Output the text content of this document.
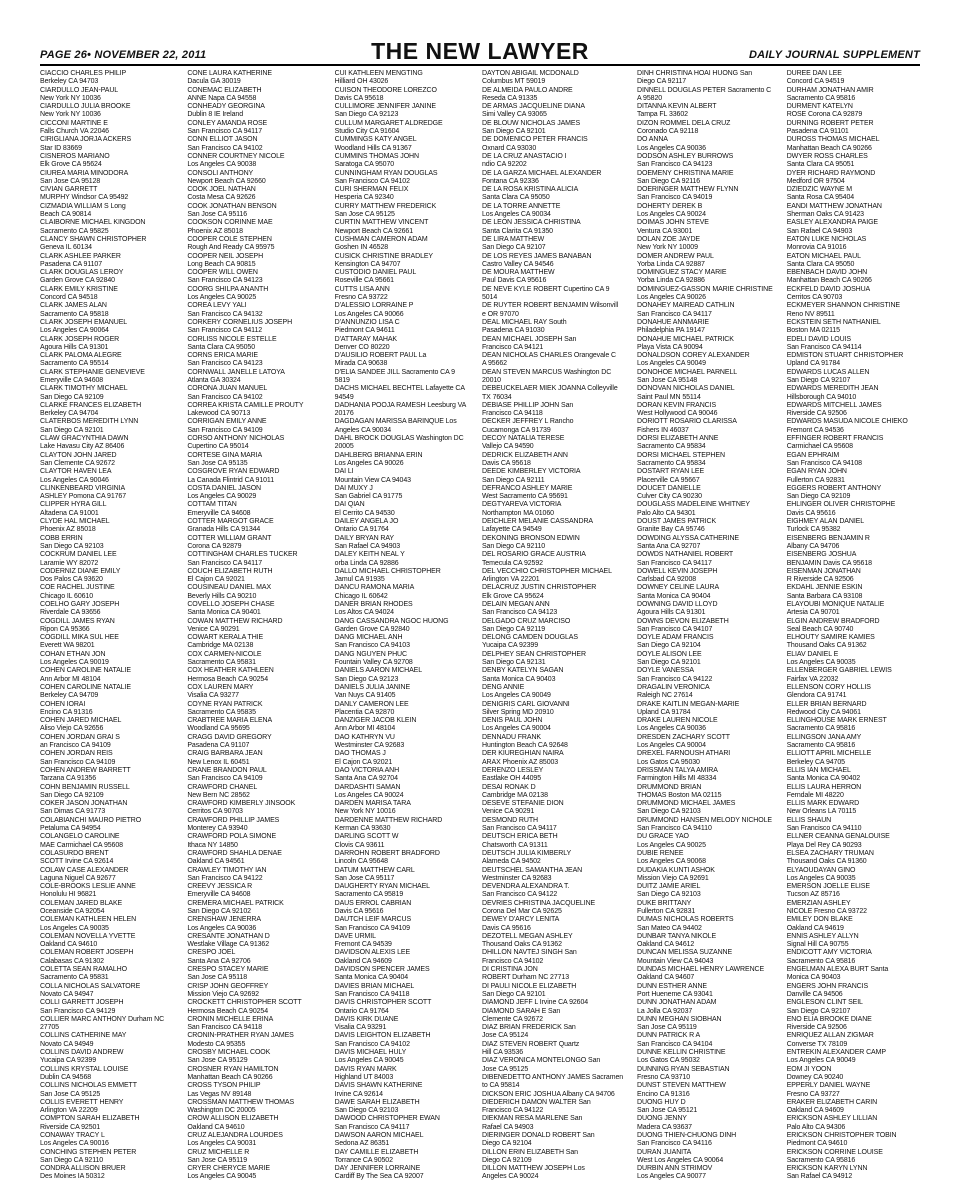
PAGE 26• NOVEMBER 22, 2011	THE NEW LAWYER	DAILY JOURNAL SUPPLEMENT
CIACCIO CHARLES PHILIP
Berkeley CA 94703
CIARDULLO JEAN-PAUL
New York NY 10036
CIARDULLO JULIA BROOKE
New York NY 10036
CICCONI MARTINE E
Falls Church VA 22046
CIRIGLIANA JORJA ACKERS
Star ID 83669
CISNEROS MARIANO
Elk Grove CA 95624
CIUREA MARIA MINODORA
San Jose CA 95128
CIVIAN GARRETT
MURPHY Windsor CA 95492
CIZMADIA WILLIAM S Long
Beach CA 90814
CLAIBORNE MICHAEL KINGDON
Sacramento CA 95825
CLANCY SHAWN CHRISTOPHER
Geneva IL 60134
CLARK ASHLEE PARKER
Pasadena CA 91107
CLARK DOUGLAS LEROY
Garden Grove CA 92840
CLARK EMILY KRISTINE
Concord CA 94518
CLARK JAMES ALAN
Sacramento CA 95818
CLARK JOSEPH EMANUEL
Los Angeles CA 90064
CLARK JOSEPH ROGER
Agoura Hills CA 91301
CLARK PALOMA ALEGRE
Sacramento CA 95514
CLARK STEPHANIE GENEVIEVE
Emeryville CA 94608
CLARK TIMOTHY MICHAEL
San Diego CA 92109
CLARKE FRANCES ELIZABETH
Berkeley CA 94704
CLATERBOS MEREDITH LYNN
San Diego CA 92101
CLAW GRACYNTHIA DAWN
Lake Havasu City AZ 86406
CLAYTON JOHN JARED
San Clemente CA 92672
CLAYTOR HAVEN LEA
Los Angeles CA 90046
CLINKENBEARD VIRGINIA
ASHLEY Pomona CA 91767
CLIPPER HYRA GILL
Altadena CA 91001
CLYDE HAL MICHAEL
Phoenix AZ 85018
COBB ERRIN
San Diego CA 92103
COCKRUM DANIEL LEE
Laramie WY 82072
CODERNIZ DIANE EMILY
Dos Palos CA 93620
COE RACHEL JUSTINE
Chicago IL 60610
COELHO GARY JOSEPH
Riverdale CA 93656
COGDILL JAMES RYAN
Ripon CA 95366
COGDILL MIKA SUL HEE
Everett WA 98201
COHAN ETHAN JON
Los Angeles CA 90019
COHEN CAROLINE NATALIE
Ann Arbor MI 48104
COHEN CAROLINE NATALIE
Berkeley CA 94709
COHEN IORAI
Encino CA 91316
COHEN JARED MICHAEL
Aliso Viejo CA 92656
COHEN JORDAN GRAI S
an Francisco CA 94109
COHEN JORDAN REIS
San Francisco CA 94109
COHEN ANDREW BARRETT
Tarzana CA 91356
COHN BENJAMIN RUSSELL
San Diego CA 92109
COKER JASON JONATHAN
San Dimas CA 91773
COLABIANCHI MAURO PIETRO
Petaluma CA 94954
COLANGELO CAROLINE
MAE Carmichael CA 95608
COLASURDO BRENT
SCOTT Irvine CA 92614
COLAW CASE ALEXANDER
Laguna Niguel CA 92677
COLE-BROOKS LESLIE ANNE
Honolulu HI 96821
COLEMAN JARED BLAKE
Oceanside CA 92054
COLEMAN KATHLEEN HELEN
Los Angeles CA 90035
COLEMAN NOVELLA YVETTE
Oakland CA 94610
COLEMAN ROBERT JOSEPH
Calabasas CA 91302
COLETTA SEAN RAMALHO
Sacramento CA 95831
COLLA NICHOLAS SALVATORE
Novato CA 94947
COLLI GARRETT JOSEPH
San Francisco CA 94129
COLLIER MARC ANTHONY Durham NC
27705
COLLINS CATHERINE MAY
Novato CA 94949
COLLINS DAVID ANDREW
Yucaipa CA 92399
COLLINS KRYSTAL LOUISE
Dublin CA 94568
COLLINS NICHOLAS EMMETT
San Jose CA 95125
COLLIS EVERETT HENRY
Arlington VA 22209
COMPTON SARAH ELIZABETH
Riverside CA 92501
CONAWAY TRACY L
Los Angeles CA 90016
CONCHING STEPHEN PETER
San Diego CA 92110
CONDRA ALLISON BRUER
Des Moines IA 50312
CONE LAURA KATHERINE
Dacula GA 30019
CONEMAC ELIZABETH
ANNE Napa CA 94558
CONHEADY GEORGINA
Dublin 8 IE Ireland
CONLEY AMANDA ROSE
San Francisco CA 94117
CONN ELLIOT JASON
San Francisco CA 94102
CONNER COURTNEY NICOLE
Los Angeles CA 90038
CONSOLI ANTHONY
Newport Beach CA 92660
COOK JOEL NATHAN
Costa Mesa CA 92626
COOK JONATHAN BENSON
San Jose CA 95116
COOKSON CORINNE MAE
Phoenix AZ 85018
COOPER COLE STEPHEN
Rough And Ready CA 95975
COOPER NEIL JOSEPH
Long Beach CA 90815
COOPER WILL OWEN
San Francisco CA 94123
COORG SHILPA ANANTH
Los Angeles CA 90025
COREA LEVY YALI
San Francisco CA 94132
CORKERY CORNELIUS JOSEPH
San Francisco CA 94112
CORLISS NICOLE ESTELLE
Santa Clara CA 95050
CORNS ERICA MARIE
San Francisco CA 94123
CORNWALL JANELLE LATOYA
Atlanta GA 30324
CORONA JUAN MANUEL
San Francisco CA 94102
CORREA KRISTA CAMILLE PROUTY
Lakewood CA 90713
CORRIGAN EMILY ANNE
San Francisco CA 94109
CORSO ANTHONY NICHOLAS
Cupertino CA 95014
CORTESE GINA MARIA
San Jose CA 95135
COSGROVE RYAN EDWARD
La Canada Flintrid CA 91011
COSTA DANIEL JASON
Los Angeles CA 90029
COTTAM TITAN
Emeryville CA 94608
COTTER MARGOT GRACE
Granada Hills CA 91344
COTTER WILLIAM GRANT
Corona CA 92879
COTTINGHAM CHARLES TUCKER
San Francisco CA 94117
COUCH ELIZABETH RUTH
El Cajon CA 92021
COUSINEAU DANIEL MAX
Beverly Hills CA 90210
COVELLO JOSEPH CHASE
Santa Monica CA 90401
COWAN MATTHEW RICHARD
Venice CA 90291
COWART KERALA THIE
Cambridge MA 02138
COX CARMEN-NICOLE
Sacramento CA 95831
COX HEATHER KATHLEEN
Hermosa Beach CA 90254
COX LAUREN MARY
Visalia CA 93277
COYNE RYAN PATRICK
Sacramento CA 95835
CRABTREE MARIA ELENA
Woodland CA 95695
CRAGG DAVID GREGORY
Pasadena CA 91107
CRAIG BARBARA JEAN
New Lenox IL 60451
CRANE BRANDON PAUL
San Francisco CA 94109
CRAWFORD CHANEL
New Bern NC 28562
CRAWFORD KIMBERLY JINSOOK
Cerritos CA 90703
CRAWFORD PHILLIP JAMES
Monterey CA 93940
CRAWFORD POLA SIMONE
Ithaca NY 14850
CRAWFORD SHAHLA DENAE
Oakland CA 94561
CRAWLEY TIMOTHY IAN
San Francisco CA 94122
CREEVY JESSICA R
Emeryville CA 94608
CREMERA MICHAEL PATRICK
San Diego CA 92102
CRENSHAW JENERRA
Los Angeles CA 90036
CRESANTE JONATHAN D
Westlake Village CA 91362
CRESPO JOEL
Santa Ana CA 92706
CRESPO STACEY MARIE
San Jose CA 95118
CRISP JOHN GEOFFREY
Mission Viejo CA 92692
CROCKETT CHRISTOPHER SCOTT
Hermosa Beach CA 90254
CRONIN MICHELLE ERINA
San Francisco CA 94118
CRONIN-PRATHER RYAN JAMES
Modesto CA 95355
CROSBY MICHAEL COOK
San Jose CA 95129
CROSNER RYAN HAMILTON
Manhattan Beach CA 90266
CROSS TYSON PHILIP
Las Vegas NV 89148
CROSSMAN MATTHEW THOMAS
Washington DC 20005
CROW ALLISON ELIZABETH
Oakland CA 94610
CRUZ ALEJANDRA LOURDES
Los Angeles CA 90031
CRUZ MICHELLE R
San Jose CA 95119
CRYER CHERYCE MARIE
Los Angeles CA 90045
CUI KATHLEEN MENGTING
Hilliard OH 43026
CUISON THEODORE LOREZCO
Davis CA 95618
CULLIMORE JENNIFER JANINE
San Diego CA 92123
CULLUM MARGARET ALDREDGE
Studio City CA 91604
CUMMINGS KATY ANGEL
Woodland Hills CA 91367
CUMMINS THOMAS JOHN
Saratoga CA 95070
CUNNINGHAM RYAN DOUGLAS
San Francisco CA 94102
CURI SHERMAN FELIX
Hesperia CA 92340
CURRY MATTHEW FREDERICK
San Jose CA 95125
CURTIN MATTHEW VINCENT
Newport Beach CA 92661
CUSHMAN CAMERON ADAM
Goshen IN 46528
CUSICK CHRISTINE BRADLEY
Kensington CA 94707
CUSTODIO DANIEL PAUL
Roseville CA 95661
CUTTS LISA ANN
Fresno CA 93722
D'ALESSIO LORRAINE P
Los Angeles CA 90066
D'ANNUNZIO LISA C
Piedmont CA 94611
D'ATTARAY MAHAK
Denver CO 80220
D'AUSILIO ROBERT PAUL La
Mirada CA 90638
D'ELIA SANDEE JILL Sacramento CA 9
5819
DACHS MICHAEL BECHTEL Lafayette CA
94549
DADHANIA POOJA RAMESH Leesburg VA
20176
DAGDAGAN MARISSA BARINQUE Los
Angeles CA 90034
DAHL BROCK DOUGLAS Washington DC
20005
DAHLBERG BRIANNA ERIN
Los Angeles CA 90026
DAI LI
Mountain View CA 94043
DAI MUXY J
San Gabriel CA 91775
DAI QIAN
El Cerrito CA 94530
DAILEY ANGELA JO
Ontario CA 91764
DAILY BRYAN RAY
San Rafael CA 94903
DALEY KEITH NEAL Y
orba Linda CA 92886
DALLO MICHAEL CHRISTOPHER
Jamul CA 91935
DANCU RAMONA MARIA
Chicago IL 60642
DANER BRIAN RHODES
Los Altos CA 94024
DANG CASSANDRA NGOC HUONG
Garden Grove CA 92840
DANG MICHAEL ANH
San Francisco CA 94103
DANG NGUYEN PHUC
Fountain Valley CA 92708
DANIELS AARON MICHAEL
San Diego CA 92123
DANIELS JULIA JANINE
Van Nuys CA 91405
DANLY CAMERON LEE
Placentia CA 92870
DANZIGER JACOB KLEIN
Ann Arbor MI 48104
DAO KATHRYN VU
Westminster CA 92683
DAO THOMAS J
El Cajon CA 92021
DAO VICTORIA ANH
Santa Ana CA 92704
DARDASHTI SAMAN
Los Angeles CA 90024
DARDEN MARISA TARA
New York NY 10016
DARDENNE MATTHEW RICHARD
Kerman CA 93630
DARLING SCOTT W
Clovis CA 93611
DARROHN ROBERT BRADFORD
Lincoln CA 95648
DATUM MATTHEW CARL
San Jose CA 95117
DAUGHERTY RYAN MICHAEL
Sacramento CA 95819
DAUS ERROL CABRIAN
Davis CA 95616
DAUTCH LEIF MARCUS
San Francisco CA 94109
DAVE URMIL
Fremont CA 94539
DAVIDSON ALEXIS LEE
Oakland CA 94609
DAVIDSON SPENCER JAMES
Santa Monica CA 90404
DAVIES BRIAN MICHAEL
San Francisco CA 94118
DAVIS CHRISTOPHER SCOTT
Ontario CA 91764
DAVIS KIRK DUANE
Visalia CA 93291
DAVIS LEIGHTON ELIZABETH
San Francisco CA 94102
DAVIS MICHAEL HULY
Los Angeles CA 90045
DAVIS RYAN MARK
Highland UT 84003
DAVIS SHAWN KATHERINE
Irvine CA 92614
DAWE SARAH ELIZABETH
San Diego CA 92103
DAWOOD CHRISTOPHER EWAN
San Francisco CA 94117
DAWSON AARON MICHAEL
Sedona AZ 86351
DAY CAMILLE ELIZABETH
Torrance CA 90502
DAY JENNIFER LORRAINE
Cardiff By The Sea CA 92007
DAYTON ABIGAIL MCDONALD
Columbus MT 59019
DE ALMEIDA PAULO ANDRE
Reseda CA 91335
DE ARMAS JACQUELINE DIANA
Simi Valley CA 93065
DE BLOUW NICHOLAS JAMES
San Diego CA 92101
DE DOMENICO PETER FRANCIS
Oxnard CA 93030
DE LA CRUZ ANASTACIO I
ndio CA 92202
DE LA GARZA MICHAEL ALEXANDER
Fontana CA 92336
DE LA ROSA KRISTINA ALICIA
Santa Clara CA 95050
DE LA TORRE ANNETTE
Los Angeles CA 90034
DE LEON JESSICA CHRISTINA
Santa Clarita CA 91350
DE LIRA MATTHEW
San Diego CA 92107
DE LOS REYES JAMES BANABAN
Castro Valley CA 94546
DE MOURA MATTHEW
Paul Davis CA 95616
DE NEVE KYLE ROBERT Cupertino CA 9
5014
DE RUYTER ROBERT BENJAMIN Wilsonvill
e OR 97070
DEAL MICHAEL RAY South
Pasadena CA 91030
DEAN MICHAEL JOSEPH San
Francisco CA 94121
DEAN NICHOLAS CHARLES Orangevale C
A 95662
DEAN STEVEN MARCUS Washington DC
20010
DEBEUCKELAER MIEK JOANNA Colleyville
TX 76034
DEBIASE PHILLIP JOHN San
Francisco CA 94118
DECKER JEFFREY L Rancho
Cucamonga CA 91739
DECOY NATALIA TERESE
Vallejo CA 94590
DEDRICK ELIZABETH ANN
Davis CA 95618
DEEDE KIMBERLEY VICTORIA
San Diego CA 92111
DEFRANCO ASHLEY MARIE
West Sacramento CA 95691
DEGTYAREVA VICTORIA
Northampton MA 01060
DEICHLER MELANIE CASSANDRA
Lafayette CA 94549
DEKONING BRONSON EDWIN
San Diego CA 92110
DEL ROSARIO GRACE AUSTRIA
Temecula CA 92592
DEL VECCHIO CHRISTOPHER MICHAEL
Arlington VA 22201
DELACRUZ JUSTIN CHRISTOPHER
Elk Grove CA 95624
DELAIN MEGAN ANN
San Francisco CA 94123
DELGADO CRUZ MARCISO
San Diego CA 92119
DELONG CAMDEN DOUGLAS
Yucaipa CA 92399
DELPHEY SEAN CHRISTOPHER
San Diego CA 92131
DENBY KATELYN SAGAN
Santa Monica CA 90403
DENG ANNIE
Los Angeles CA 90049
DENIGRIS CARL GIOVANNI
Silver Spring MD 20910
DENIS PAUL JOHN
Los Angeles CA 90004
DENNADU FRANK
Huntington Beach CA 92648
DER KIUREGHIAN NAIRA
ARAX Phoenix AZ 85003
DERENZO LESLEY
Eastlake OH 44095
DESAI RONAK D
Cambridge MA 02138
DESEVE STEFANIE DION
Venice CA 90291
DESMOND RUTH
San Francisco CA 94117
DEUTSCH ERICA BETH
Chatsworth CA 91311
DEUTSCH JULIA KIMBERLY
Alameda CA 94502
DEUTSCHEL SAMANTHA JEAN
Westminster CA 92683
DEVENDRA ALEXANDRA T.
San Francisco CA 94122
DEVRIES CHRISTINA JACQUELINE
Corona Del Mar CA 92625
DEWEY D'ARCY LENITA
Davis CA 95616
DEZOTELL MEGAN ASHLEY
Thousand Oaks CA 91362
DHILLON NAVTEJ SINGH San
Francisco CA 94102
DI CRISTINA JON
ROBERT Durham NC 27713
DI PAULI NICOLE ELIZABETH
San Diego CA 92101
DIAMOND JEFF L Irvine CA 92604
DIAMOND SARAH E San
Clemente CA 92672
DIAZ BRIAN FREDERICK San
Jose CA 95124
DIAZ STEVEN ROBERT Quartz
Hill CA 93536
DIAZ VERONICA MONTELONGO San
Jose CA 95125
DIBENEDETTO ANTHONY JAMES Sacramen
to CA 95814
DICKSON ERIC JOSHUA Albany CA 94706
DIEDERICH DAMON WALTER San
Francisco CA 94122
DIEKMAN RESA MARLENE San
Rafael CA 94903
DIERINGER DONALD ROBERT San
Diego CA 92104
DILLON ERIN ELIZABETH San
Diego CA 92109
DILLON MATTHEW JOSEPH Los
Angeles CA 90024
DINH CHRISTINA HOAI HUONG San
Diego CA 92117
DINNELL DOUGLAS PETER Sacramento C
A 95820
DITANNA KEVIN ALBERT
Tampa FL 33602
DIZON ROMMEL DELA CRUZ
Coronado CA 92118
DO ANNA
Los Angeles CA 90036
DODSON ASHLEY BURROWS
San Francisco CA 94123
DOEMENY CHRISTINA MARIE
San Diego CA 92116
DOERINGER MATTHEW FLYNN
San Francisco CA 94019
DOHERTY DEREK B
Los Angeles CA 90024
DOIMAS JOHN STEVE
Ventura CA 93001
DOLAN ZOE JAYDE
New York NY 10009
DOMER ANDREW PAUL
Yorba Linda CA 92887
DOMINGUEZ STACY MARIE
Yorba Linda CA 92886
DOMINGUEZ-GASSON MARIE CHRISTINE
Los Angeles CA 90026
DONAHEY MAIREAD CATHLIN
San Francisco CA 94117
DONAHUE ANNMARIE
Philadelphia PA 19147
DONAHUE MICHAEL PATRICK
Playa Vista CA 90094
DONALDSON COREY ALEXANDER
Los Angeles CA 90049
DONOHOE MICHAEL PARNELL
San Jose CA 95148
DONOVAN NICHOLAS DANIEL
Saint Paul MN 55114
DORAN KEVIN FRANCIS
West Hollywood CA 90046
DORIOTT ROSARIO CLARISSA
Fishers IN 46037
DORSI ELIZABETH ANNE
Sacramento CA 95834
DORSI MICHAEL STEPHEN
Sacramento CA 95834
DOSTART RYAN LEE
Placerville CA 95667
DOUCET DANIELLE
Culver City CA 90230
DOUGLASS MADELEINE WHITNEY
Palo Alto CA 94301
DOUST JAMES PATRICK
Granite Bay CA 95746
DOWDING ALYSSA CATHERINE
Santa Ana CA 92707
DOWDS NATHANIEL ROBERT
San Francisco CA 94117
DOWELL KEVIN JOSEPH
Carlsbad CA 92008
DOWNEY CELINE LAURA
Santa Monica CA 90404
DOWNING DAVID LLOYD
Agoura Hills CA 91301
DOWNS DEVON ELIZABETH
San Francisco CA 94107
DOYLE ADAM FRANCIS
San Diego CA 92104
DOYLE ALISON LEE
San Diego CA 92101
DOYLE VANESSA
San Francisco CA 94122
DRAGALIN VERONICA
Raleigh NC 27614
DRAKE KAITLIN MEGAN-MARIE
Upland CA 91784
DRAKE LAUREN NICOLE
Los Angeles CA 90036
DRESDEN ZACHARY SCOTT
Los Angeles CA 90004
DREXEL FARNOUSH ATHARI
Los Gatos CA 95030
DRISSMAN TALYA AMIRA
Farmington Hills MI 48334
DRUMMOND BRIAN
THOMAS Boston MA 02115
DRUMMOND MICHAEL JAMES
San Diego CA 92103
DRUMMOND HANSEN MELODY NICHOLE
San Francisco CA 94110
DU GRACE YAO
Los Angeles CA 90025
DUBIE RENEE
Los Angeles CA 90068
DUDAKIA KUNTI ASHOK
Mission Viejo CA 92691
DUITZ JAMIE ARIEL
San Diego CA 92103
DUKE BRITTANY
Fullerton CA 92831
DUMAS NICHOLAS ROBERTS
San Mateo CA 94402
DUNBAR TANYA NIKOLE
Oakland CA 94612
DUNCAN MELISSA SUZANNE
Mountain View CA 94043
DUNDAS MICHAEL HENRY LAWRENCE
Oakland CA 94607
DUNN ESTHER ANNE
Port Hueneme CA 93041
DUNN JONATHAN ADAM
La Jolla CA 92037
DUNN MEGHAN SIOBHAN
San Jose CA 95119
DUNN PATRICK R A
San Francisco CA 94104
DUNNE KELLIN CHRISTINE
Los Gatos CA 95032
DUNNING RYAN SEBASTIAN
Fresno CA 93710
DUNST STEVEN MATTHEW
Encino CA 91316
DUONG HUY D
San Jose CA 95121
DUONG JENNY
Madera CA 93637
DUONG THIEN-CHUONG DINH
San Francisco CA 94116
DURAN JUANITA
West Los Angeles CA 90064
DURBIN ANN STRIMOV
Los Angeles CA 90077
DUREE DAN LEE
Concord CA 94519
DURHAM JONATHAN AMIR
Sacramento CA 95816
DURMENT KATELYN
ROSE Corona CA 92879
DURNING ROBERT PETER
Pasadena CA 91101
DUROSS THOMAS MICHAEL
Manhattan Beach CA 90266
DWYER ROSS CHARLES
Santa Clara CA 95051
DYER RICHARD RAYMOND
Medford OR 97504
DZIEDZIC WAYNE M
Santa Rosa CA 95404
EANDI MATTHEW JONATHAN
Sherman Oaks CA 91423
EASLEY ALEXANDRA PAIGE
San Rafael CA 94903
EATON LUKE NICHOLAS
Monrovia CA 91016
EATON MICHAEL PAUL
Santa Clara CA 95050
EBENBACH DAVID JOHN
Manhattan Beach CA 90266
ECKFELD DAVID JOSHUA
Cerritos CA 90703
ECKMEYER SHANNON CHRISTINE
Reno NV 89511
ECKSTEIN SETH NATHANIEL
Boston MA 02115
EDELI DAVID LOUIS
San Francisco CA 94114
EDMISTON STUART CHRISTOPHER
Upland CA 91784
EDWARDS LUCAS ALLEN
San Diego CA 92107
EDWARDS MEREDITH JEAN
Hillsborough CA 94010
EDWARDS MITCHELL JAMES
Riverside CA 92506
EDWARDS MASUDA NICOLE CHIEKO
Fremont CA 94536
EFFINGER ROBERT FRANCIS
Carmichael CA 95608
EGAN EPHRAIM
San Francisco CA 94108
EGAN RYAN JOHN
Fullerton CA 92831
EGGERS ROBERT ANTHONY
San Diego CA 92109
EHLINGER OLIVER CHRISTOPHE
Davis CA 95616
EIGHMEY ALAN DANIEL
Turlock CA 95382
EISENBERG BENJAMIN R
Albany CA 94706
EISENBERG JOSHUA
BENJAMIN Davis CA 95618
EISENMAN JONATHAN
R Riverside CA 92506
EKDAHL JENNIE ESKIN
Santa Barbara CA 93108
ELAYOUBI MONIQUE NATALIE
Artesia CA 90701
ELGIN ANDREW BRADFORD
Seal Beach CA 90740
ELHOUTY SAMIRE KAMIES
Thousand Oaks CA 91362
ELIAV DANIEL E
Los Angeles CA 90035
ELLENBERGER GABRIEL LEWIS
Fairfax VA 22032
ELLENSON CORY HOLLIS
Glendora CA 91741
ELLER BRIAN BERNARD
Redwood City CA 94061
ELLINGHOUSE MARK ERNEST
Sacramento CA 95816
ELLINGSON JANA AMY
Sacramento CA 95816
ELLIOTT APRIL MICHELLE
Berkeley CA 94705
ELLIS IAN MICHAEL
Santa Monica CA 90402
ELLIS LAURA HERRON
Ferndale MI 48220
ELLIS MARK EDWARD
New Orleans LA 70115
ELLIS SHAUN
San Francisco CA 94110
ELLNER CEANNA GENALOUISE
Playa Del Rey CA 90293
ELSEA ZACHARY TRUMAN
Thousand Oaks CA 91360
ELYAOUDAYAN GINO
Los Angeles CA 90035
EMERSON JOELLE ELISE
Tucson AZ 85716
EMERZIAN ASHLEY
NICOLE Fresno CA 93722
EMILEY DON BLAKE
Oakland CA 94619
ENNIS ASHLEY ALLYN
Signal Hill CA 90755
ENDICOTT AMY VICTORIA
Sacramento CA 95816
ENGELMAN ALEXA BURT Santa
Monica CA 90403
ENGERS JOHN FRANCIS
Danville CA 94506
ENGLESON CLINT SEIL
San Diego CA 92107
ENO ELIA BROOKE DIANE
Riverside CA 92506
ENRIQUEZ ALLAN ZIGMAR
Converse TX 78109
ENTREKIN ALEXANDER CAMP
Los Angeles CA 90049
EOM JI YOON
Downey CA 90240
EPPERLY DANIEL WAYNE
Fresno CA 93727
ERAKER ELIZABETH CARIN
Oakland CA 94609
ERICKSON ASHLEY LILLIAN
Palo Alto CA 94306
ERICKSON CHRISTOPHER TOBIN
Piedmont CA 94610
ERICKSON CORRINE LOUISE
Sacramento CA 95816
ERICKSON KARYN LYNN
San Rafael CA 94912
